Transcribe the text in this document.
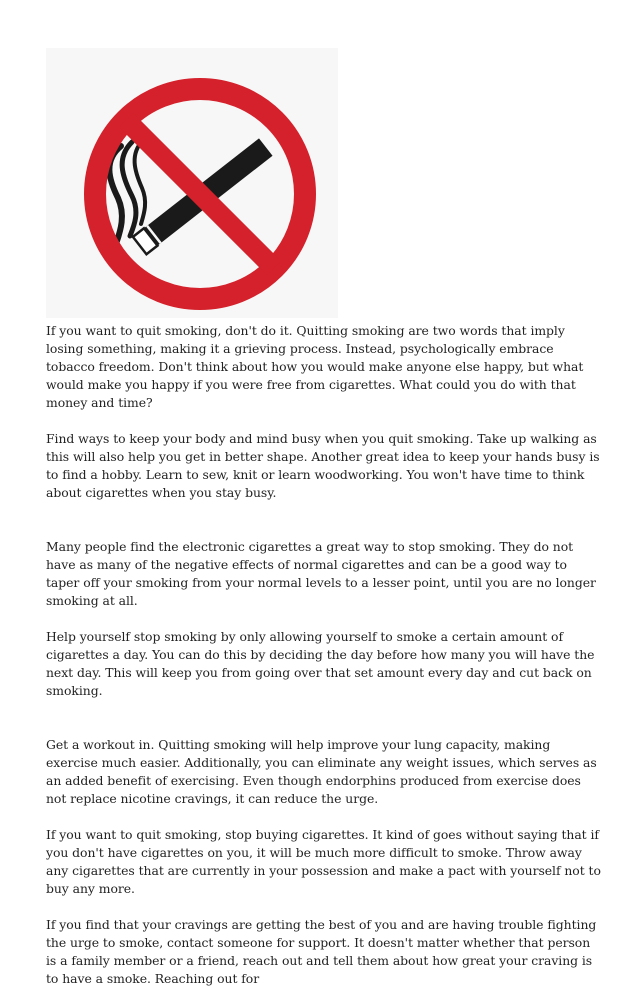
If you want to quit smoking, don't do it. Quitting smoking are two words that imply losing something, making it a grieving process. Instead, psychologically embrace tobacco freedom. Don't think about how you would make anyone else happy, but what would make you happy if you were free from cigarettes. What could you do with that money and time?

Find ways to keep your body and mind busy when you quit smoking. Take up walking as this will also help you get in better shape. Another great idea to keep your hands busy is to find a hobby. Learn to sew, knit or learn woodworking. You won't have time to think about cigarettes when you stay busy.

Many people find the electronic cigarettes a great way to stop smoking. They do not have as many of the negative effects of normal cigarettes and can be a good way to taper off your smoking from your normal levels to a lesser point, until you are no longer smoking at all.

Help yourself stop smoking by only allowing yourself to smoke a certain amount of cigarettes a day. You can do this by deciding the day before how many you will have the next day. This will keep you from going over that set amount every day and cut back on smoking.

Get a workout in. Quitting smoking will help improve your lung capacity, making exercise much easier. Additionally, you can eliminate any weight issues, which serves as an added benefit of exercising. Even though endorphins produced from exercise does not replace nicotine cravings, it can reduce the urge.

If you want to quit smoking, stop buying cigarettes. It kind of goes without saying that if you don't have cigarettes on you, it will be much more difficult to smoke. Throw away any cigarettes that are currently in your possession and make a pact with yourself not to buy any more.

If you find that your cravings are getting the best of you and are having trouble fighting the urge to smoke, contact someone for support. It doesn't matter whether that person is a family member or a friend, reach out and tell them about how great your craving is to have a smoke. Reaching out for
